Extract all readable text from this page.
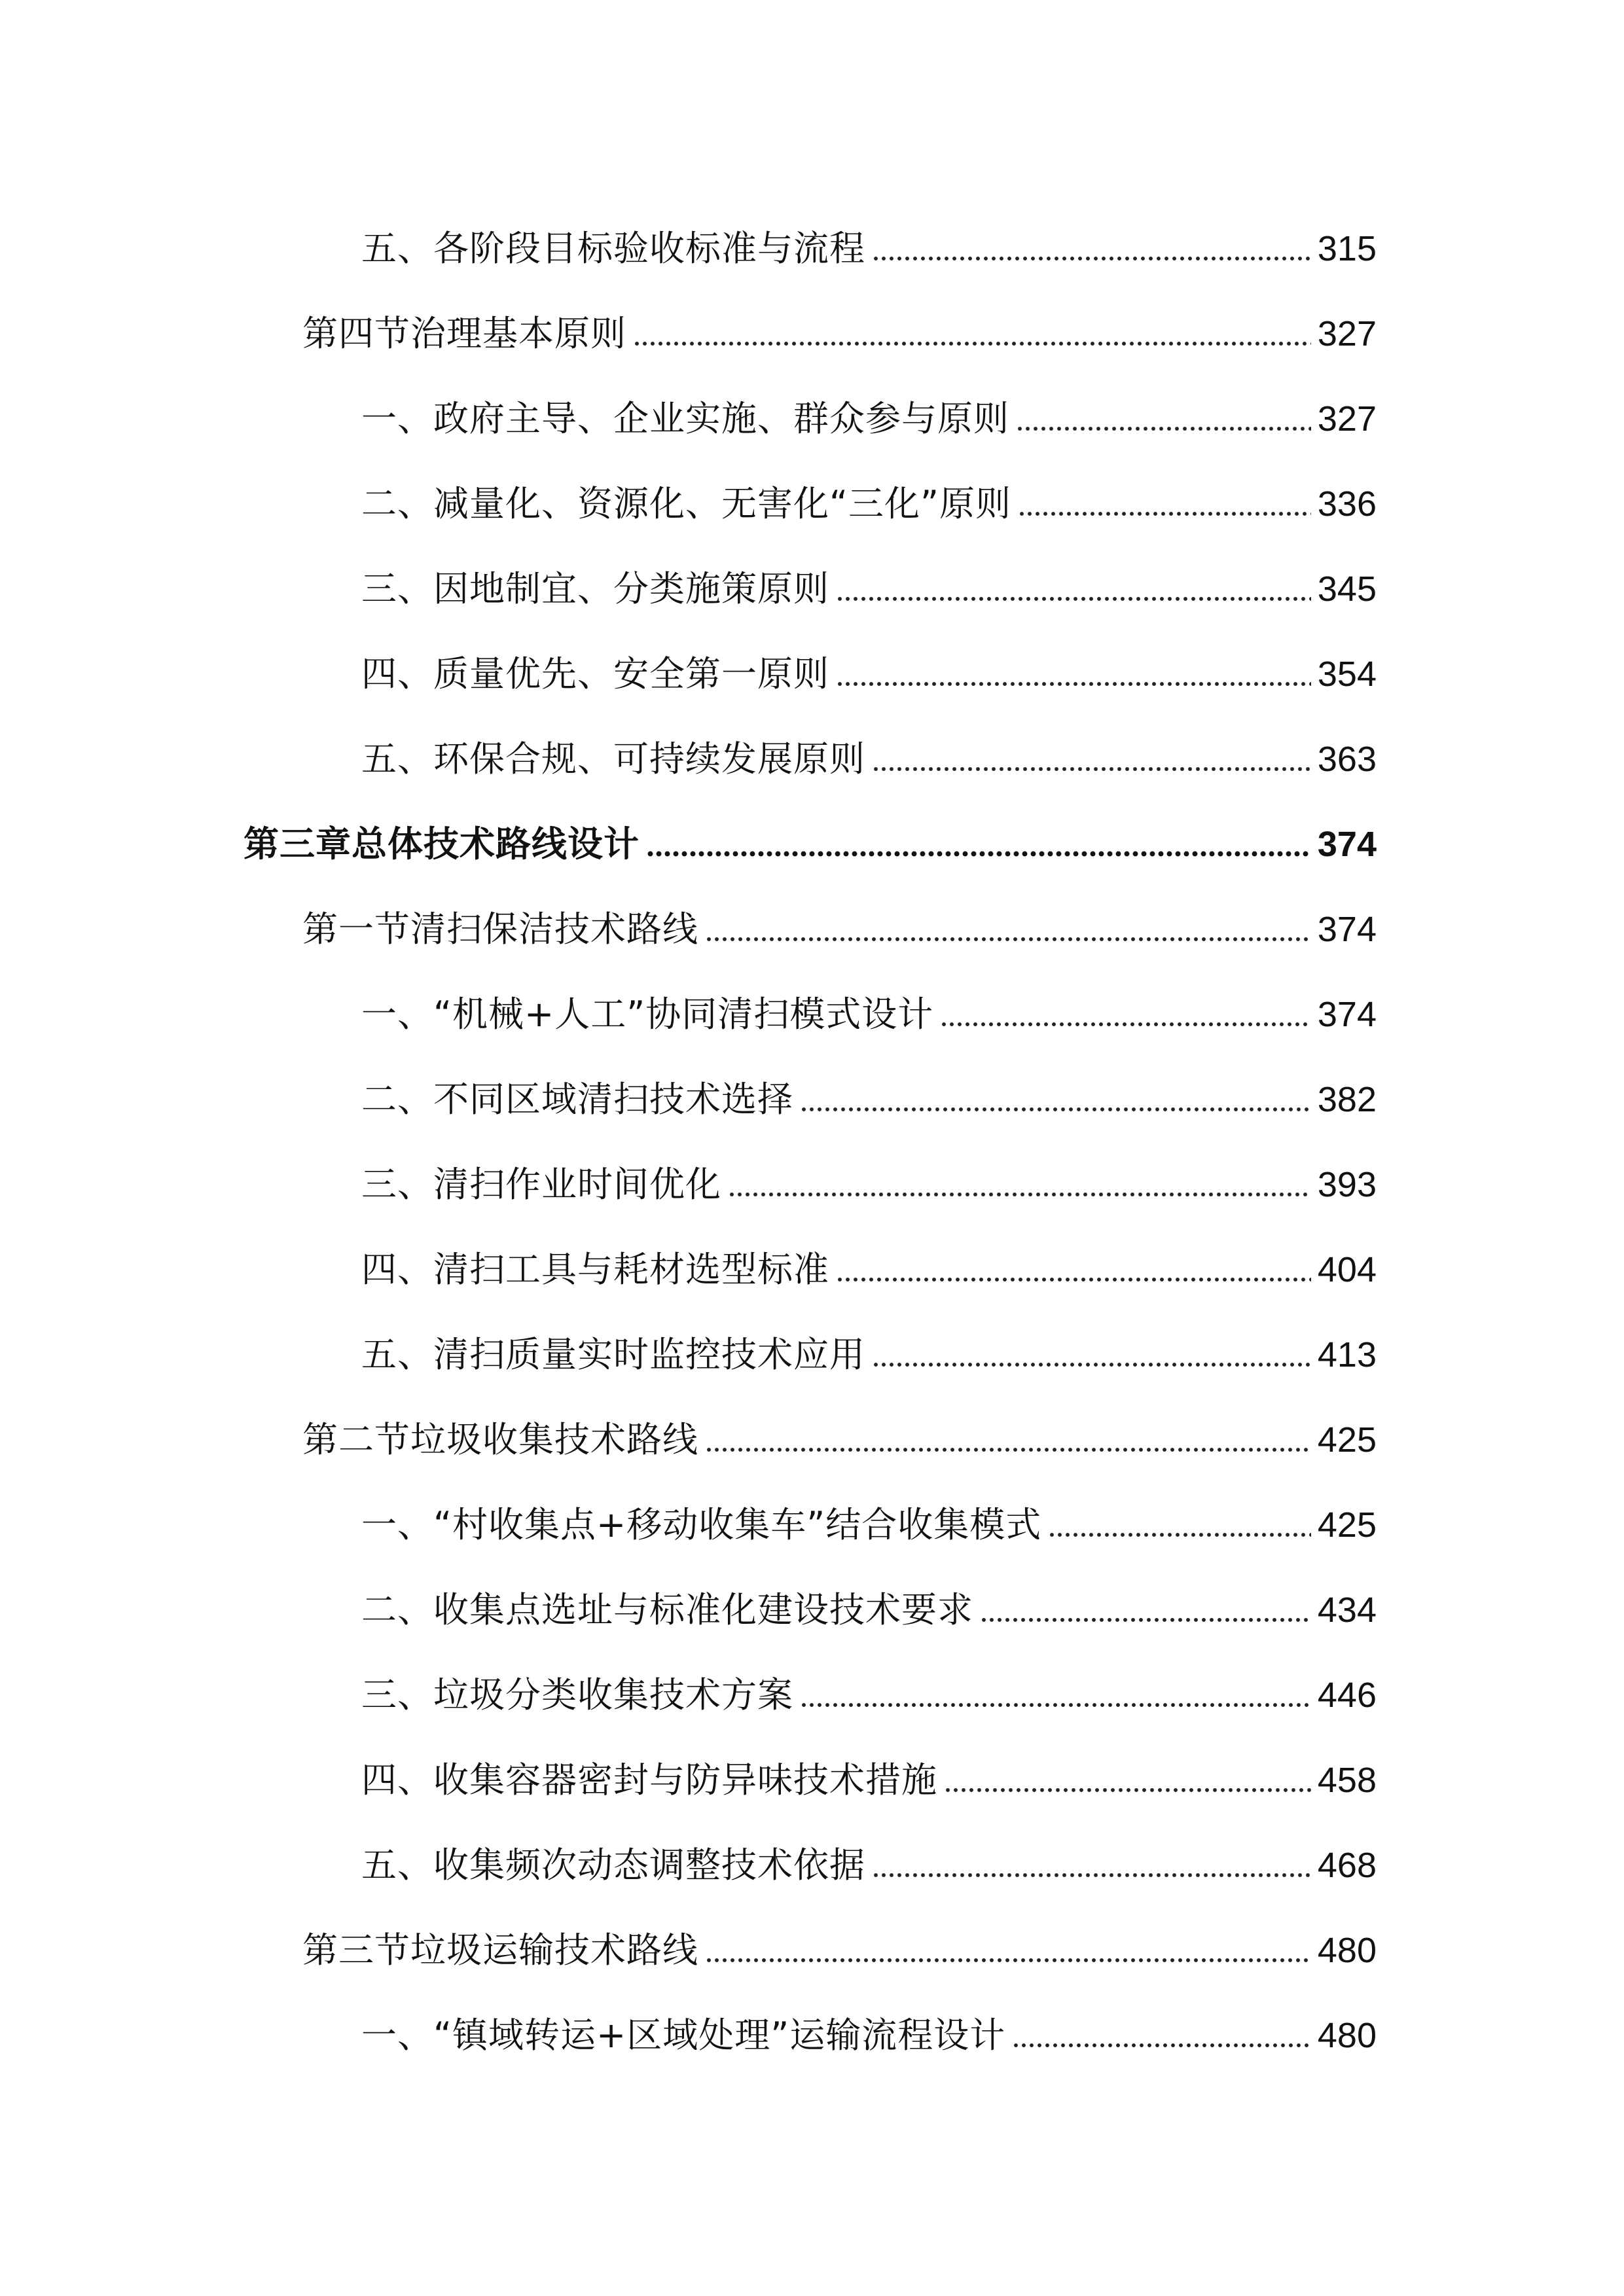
五、各阶段目标验收标准与流程	315
第四节治理基本原则	327
一、政府主导、企业实施、群众参与原则	327
二、减量化、资源化、无害化“三化”原则	336
三、因地制宜、分类施策原则	345
四、质量优先、安全第一原则	354
五、环保合规、可持续发展原则	363
第三章总体技术路线设计	374
第一节清扫保洁技术路线	374
一、“机械+人工”协同清扫模式设计	374
二、不同区域清扫技术选择	382
三、清扫作业时间优化	393
四、清扫工具与耗材选型标准	404
五、清扫质量实时监控技术应用	413
第二节垃圾收集技术路线	425
一、“村收集点+移动收集车”结合收集模式	425
二、收集点选址与标准化建设技术要求	434
三、垃圾分类收集技术方案	446
四、收集容器密封与防异味技术措施	458
五、收集频次动态调整技术依据	468
第三节垃圾运输技术路线	480
一、“镇域转运+区域处理”运输流程设计	480
